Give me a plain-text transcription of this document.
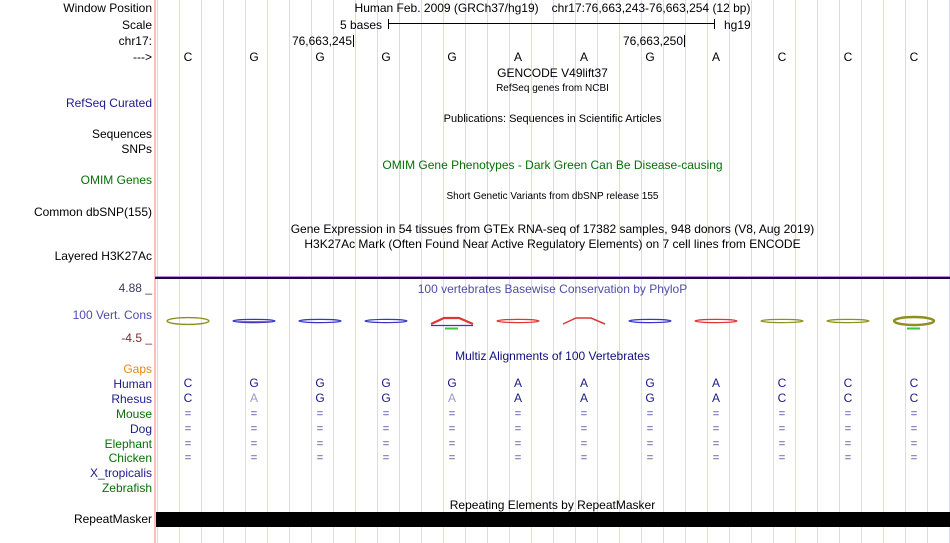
Window Position	Human Feb. 2009 (GRCh37/hg19) chr17:76,663,243-76,663,254 (12 bp)
Scale	5 bases	hg19
chr17:	76,663,245	76,663,250
--->	C	G	G	G	G	A	A	G	A	C	C	C
GENCODE V49lift37
RefSeq genes from NCBI
RefSeq Curated
Publications: Sequences in Scientific Articles
Sequences
SNPs
OMIM Gene Phenotypes - Dark Green Can Be Disease-causing
OMIM Genes
Short Genetic Variants from dbSNP release 155
Common dbSNP(155)
Gene Expression in 54 tissues from GTEx RNA-seq of 17382 samples, 948 donors (V8, Aug 2019)
H3K27Ac Mark (Often Found Near Active Regulatory Elements) on 7 cell lines from ENCODE
Layered H3K27Ac
4.88 _	100 vertebrates Basewise Conservation by PhyloP
100 Vert. Cons
-4.5 _
Multiz Alignments of 100 Vertebrates
Gaps
Human	C	G	G	G	G	A	A	G	A	C	C	C
Rhesus	C	A	G	G	A	A	A	G	A	C	C	C
Mouse	=	=	=	=	=	=	=	=	=	=	=	=
Dog	=	=	=	=	=	=	=	=	=	=	=	=
Elephant	=	=	=	=	=	=	=	=	=	=	=	=
Chicken	=	=	=	=	=	=	=	=	=	=	=	=
X_tropicalis
Zebrafish
Repeating Elements by RepeatMasker
RepeatMasker
